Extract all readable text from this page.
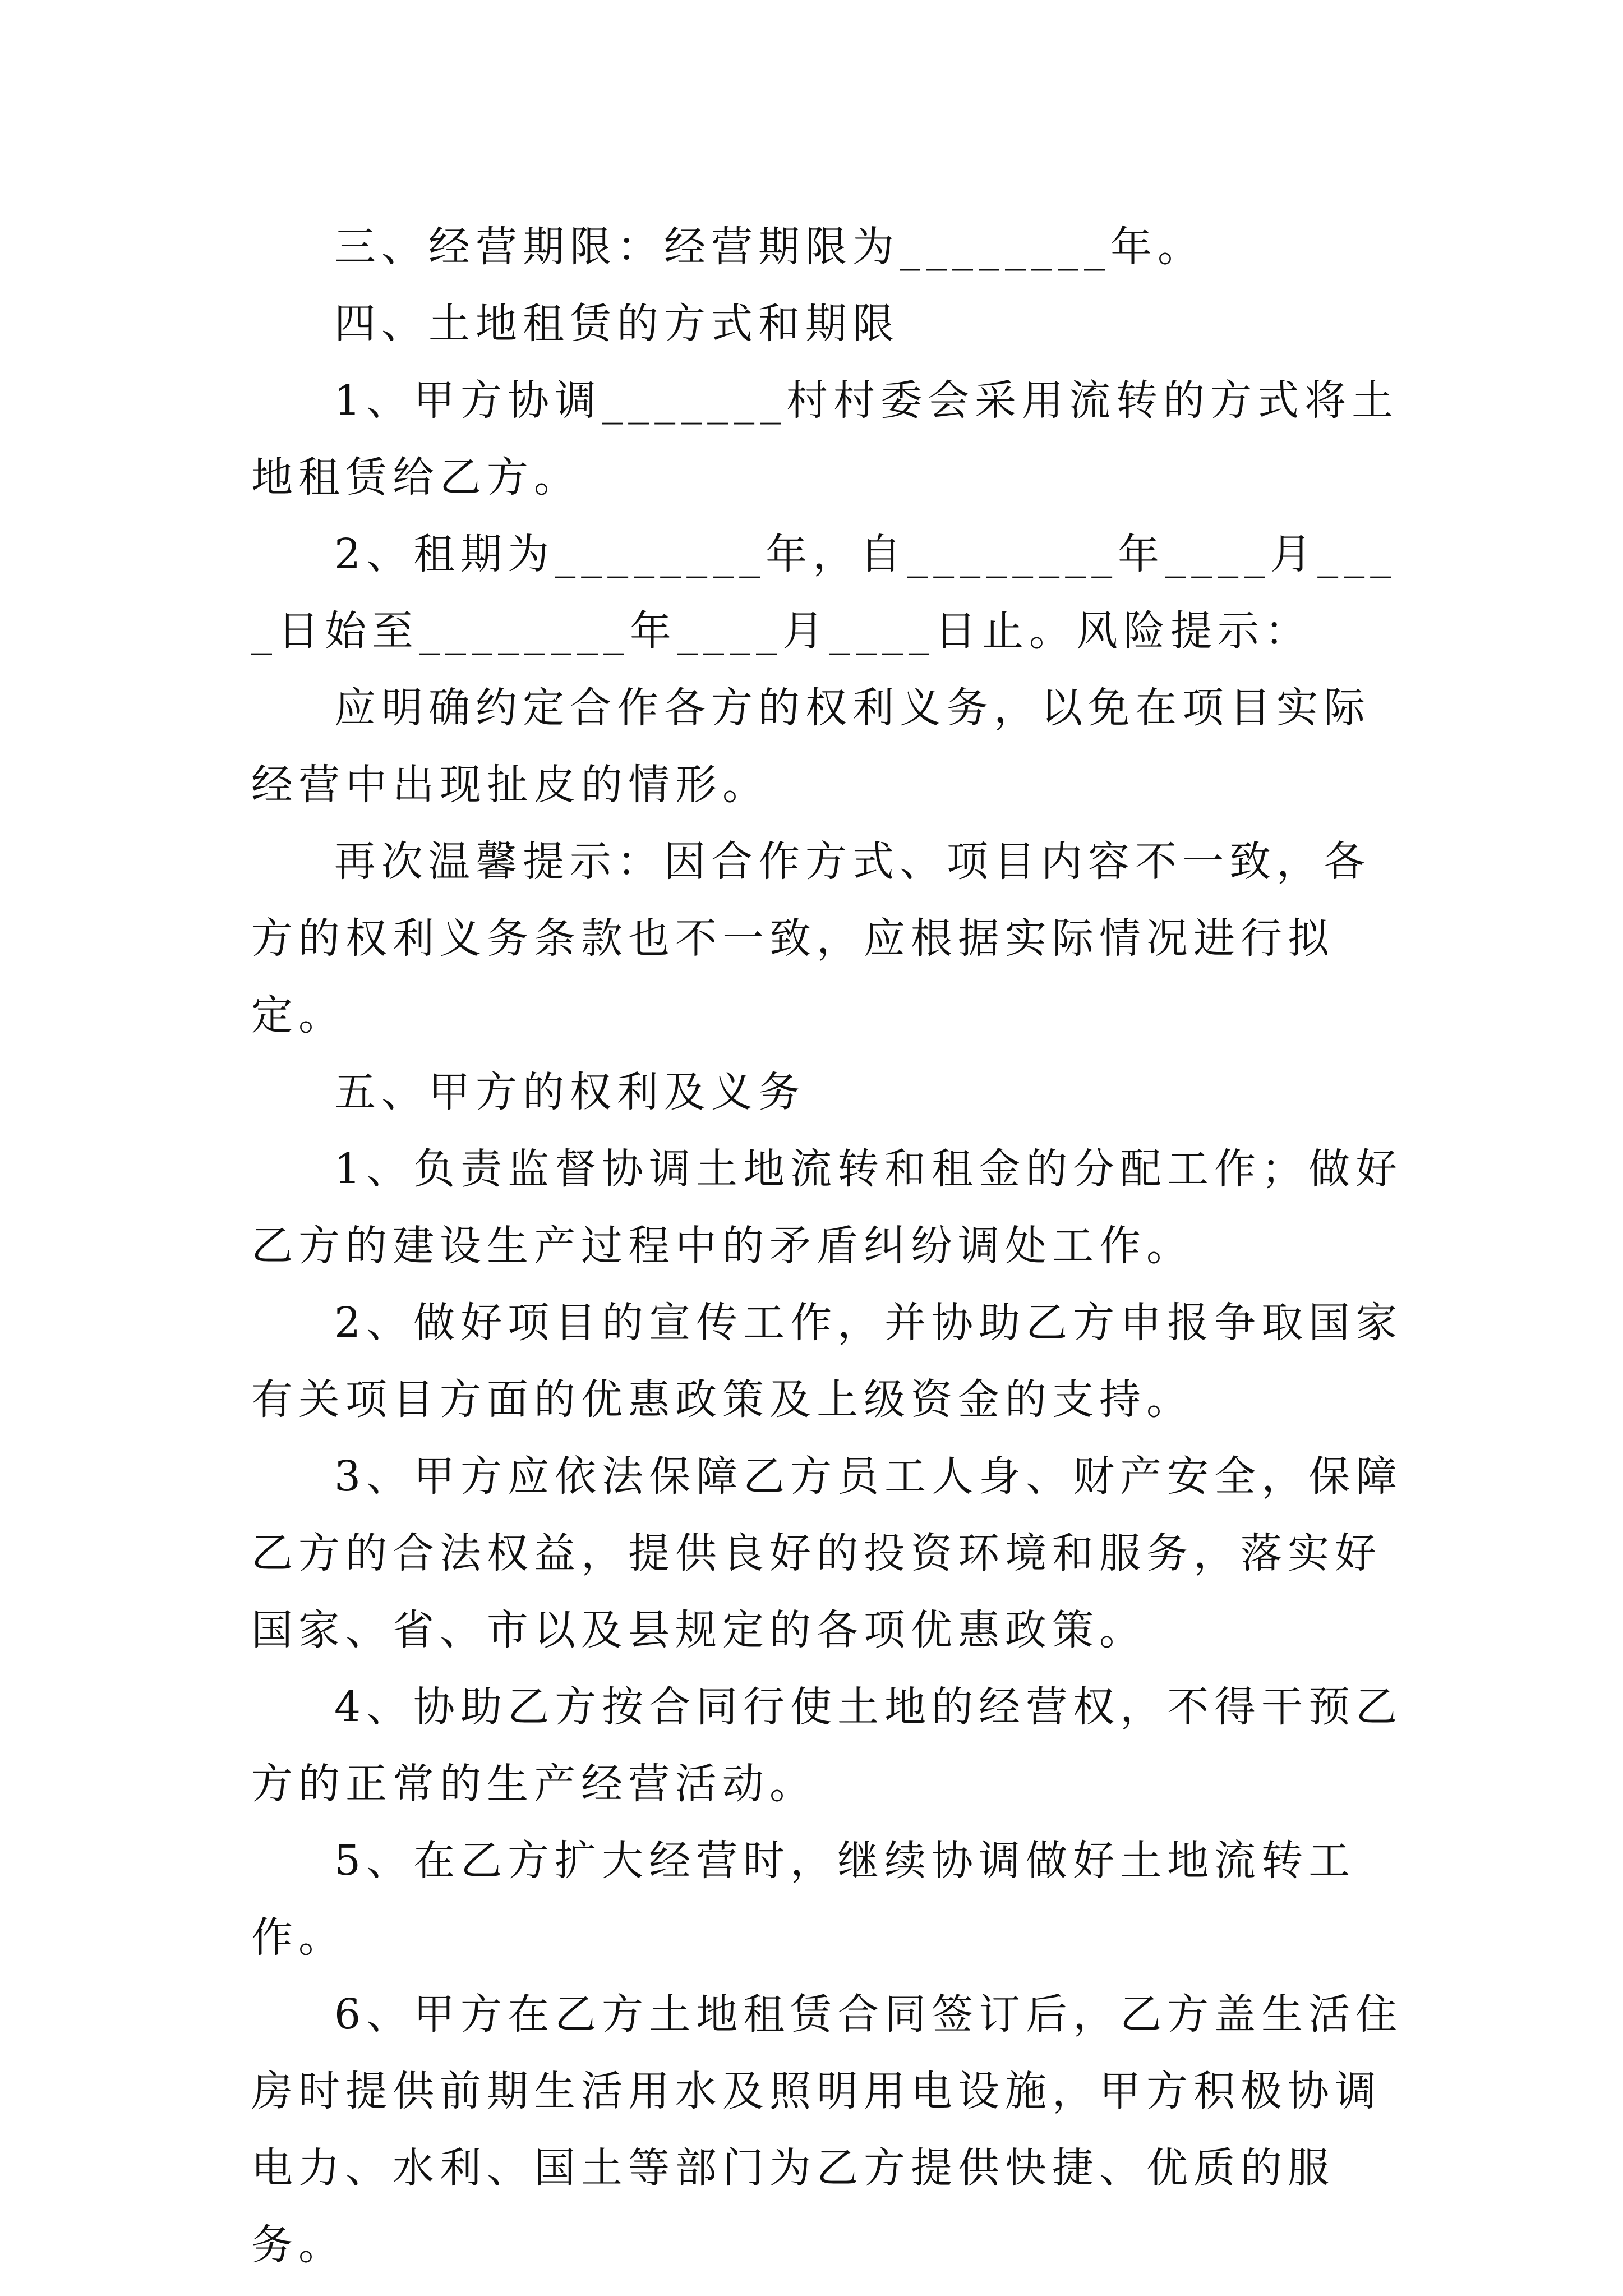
三、经营期限：经营期限为________年。

四、土地租赁的方式和期限

1、甲方协调_______村村委会采用流转的方式将土地租赁给乙方。

2、租期为________年，自________年____月____日始至________年____月____日止。风险提示：

应明确约定合作各方的权利义务，以免在项目实际经营中出现扯皮的情形。

再次温馨提示：因合作方式、项目内容不一致，各方的权利义务条款也不一致，应根据实际情况进行拟定。

五、甲方的权利及义务

1、负责监督协调土地流转和租金的分配工作；做好乙方的建设生产过程中的矛盾纠纷调处工作。

2、做好项目的宣传工作，并协助乙方申报争取国家有关项目方面的优惠政策及上级资金的支持。

3、甲方应依法保障乙方员工人身、财产安全，保障乙方的合法权益，提供良好的投资环境和服务，落实好国家、省、市以及县规定的各项优惠政策。

4、协助乙方按合同行使土地的经营权，不得干预乙方的正常的生产经营活动。

5、在乙方扩大经营时，继续协调做好土地流转工作。

6、甲方在乙方土地租赁合同签订后，乙方盖生活住房时提供前期生活用水及照明用电设施，甲方积极协调电力、水利、国土等部门为乙方提供快捷、优质的服务。
